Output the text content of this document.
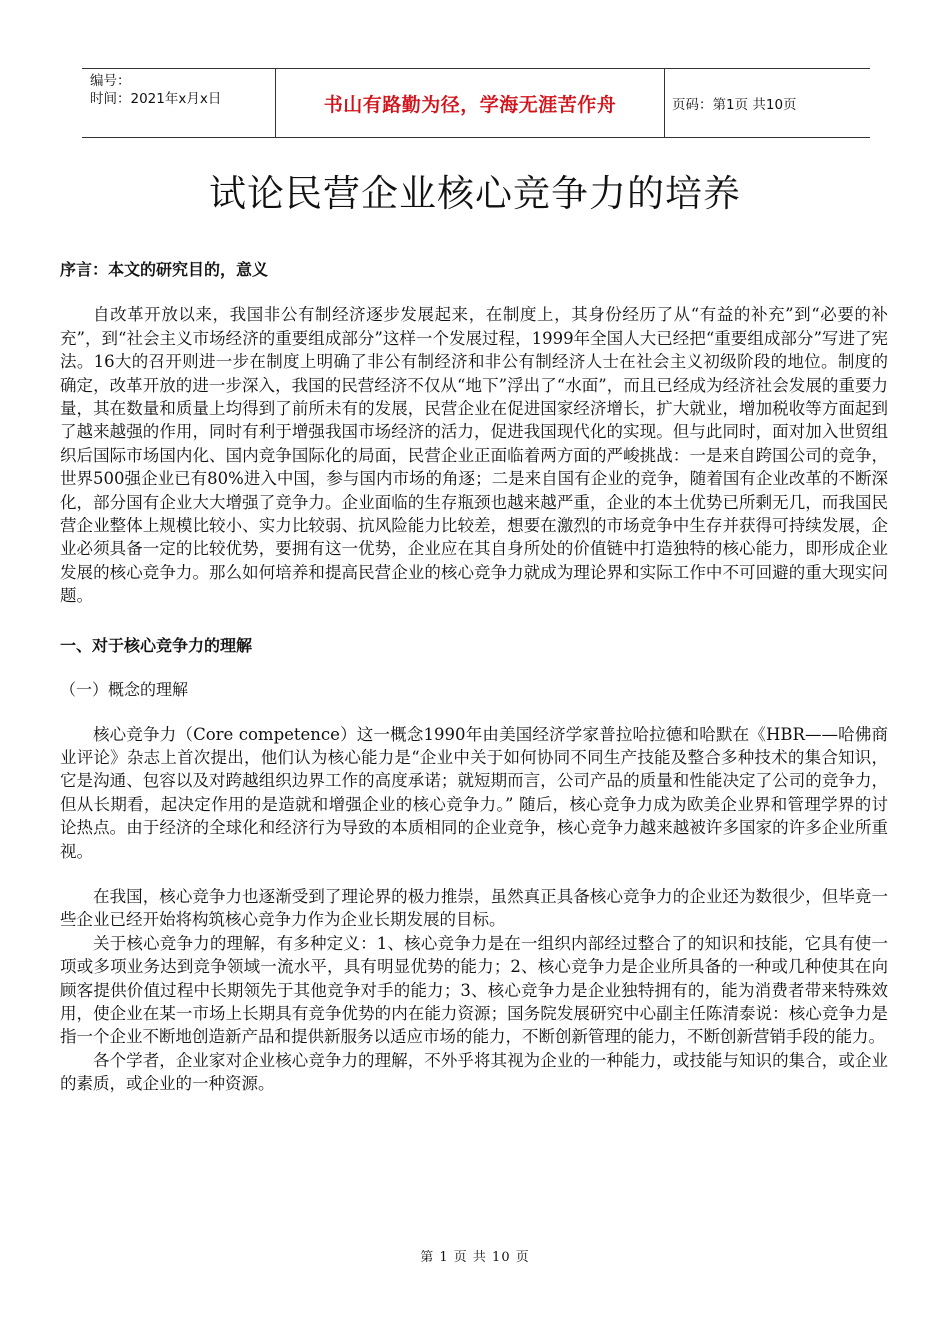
编号：
时间：2021年x月x日	书山有路勤为径，学海无涯苦作舟	页码：第1页 共10页
试论民营企业核心竞争力的培养

序言：本文的研究目的，意义

自改革开放以来，我国非公有制经济逐步发展起来，在制度上，其身份经历了从“有益的补充”到“必要的补充”，到“社会主义市场经济的重要组成部分”这样一个发展过程，1999年全国人大已经把“重要组成部分”写进了宪法。16大的召开则进一步在制度上明确了非公有制经济和非公有制经济人士在社会主义初级阶段的地位。制度的确定，改革开放的进一步深入，我国的民营经济不仅从“地下”浮出了“水面”，而且已经成为经济社会发展的重要力量，其在数量和质量上均得到了前所未有的发展，民营企业在促进国家经济增长，扩大就业，增加税收等方面起到了越来越强的作用，同时有利于增强我国市场经济的活力，促进我国现代化的实现。但与此同时，面对加入世贸组织后国际市场国内化、国内竞争国际化的局面，民营企业正面临着两方面的严峻挑战：一是来自跨国公司的竞争，世界500强企业已有80%进入中国，参与国内市场的角逐；二是来自国有企业的竞争，随着国有企业改革的不断深化，部分国有企业大大增强了竞争力。企业面临的生存瓶颈也越来越严重，企业的本土优势已所剩无几，而我国民营企业整体上规模比较小、实力比较弱、抗风险能力比较差，想要在激烈的市场竞争中生存并获得可持续发展，企业必须具备一定的比较优势，要拥有这一优势，企业应在其自身所处的价值链中打造独特的核心能力，即形成企业发展的核心竞争力。那么如何培养和提高民营企业的核心竞争力就成为理论界和实际工作中不可回避的重大现实问题。

一、对于核心竞争力的理解

（一）概念的理解

核心竞争力（Core competence）这一概念1990年由美国经济学家普拉哈拉德和哈默在《HBR——哈佛商业评论》杂志上首次提出，他们认为核心能力是“企业中关于如何协同不同生产技能及整合多种技术的集合知识，它是沟通、包容以及对跨越组织边界工作的高度承诺；就短期而言，公司产品的质量和性能决定了公司的竞争力，但从长期看，起决定作用的是造就和增强企业的核心竞争力。” 随后，核心竞争力成为欧美企业界和管理学界的讨论热点。由于经济的全球化和经济行为导致的本质相同的企业竞争，核心竞争力越来越被许多国家的许多企业所重视。

在我国，核心竞争力也逐渐受到了理论界的极力推崇，虽然真正具备核心竞争力的企业还为数很少，但毕竟一些企业已经开始将构筑核心竞争力作为企业长期发展的目标。

关于核心竞争力的理解，有多种定义：1、核心竞争力是在一组织内部经过整合了的知识和技能，它具有使一项或多项业务达到竞争领域一流水平，具有明显优势的能力；2、核心竞争力是企业所具备的一种或几种使其在向顾客提供价值过程中长期领先于其他竞争对手的能力；3、核心竞争力是企业独特拥有的，能为消费者带来特殊效用，使企业在某一市场上长期具有竞争优势的内在能力资源；国务院发展研究中心副主任陈清泰说：核心竞争力是指一个企业不断地创造新产品和提供新服务以适应市场的能力，不断创新管理的能力，不断创新营销手段的能力。

各个学者，企业家对企业核心竞争力的理解，不外乎将其视为企业的一种能力，或技能与知识的集合，或企业的素质，或企业的一种资源。

第 1 页 共 10 页
